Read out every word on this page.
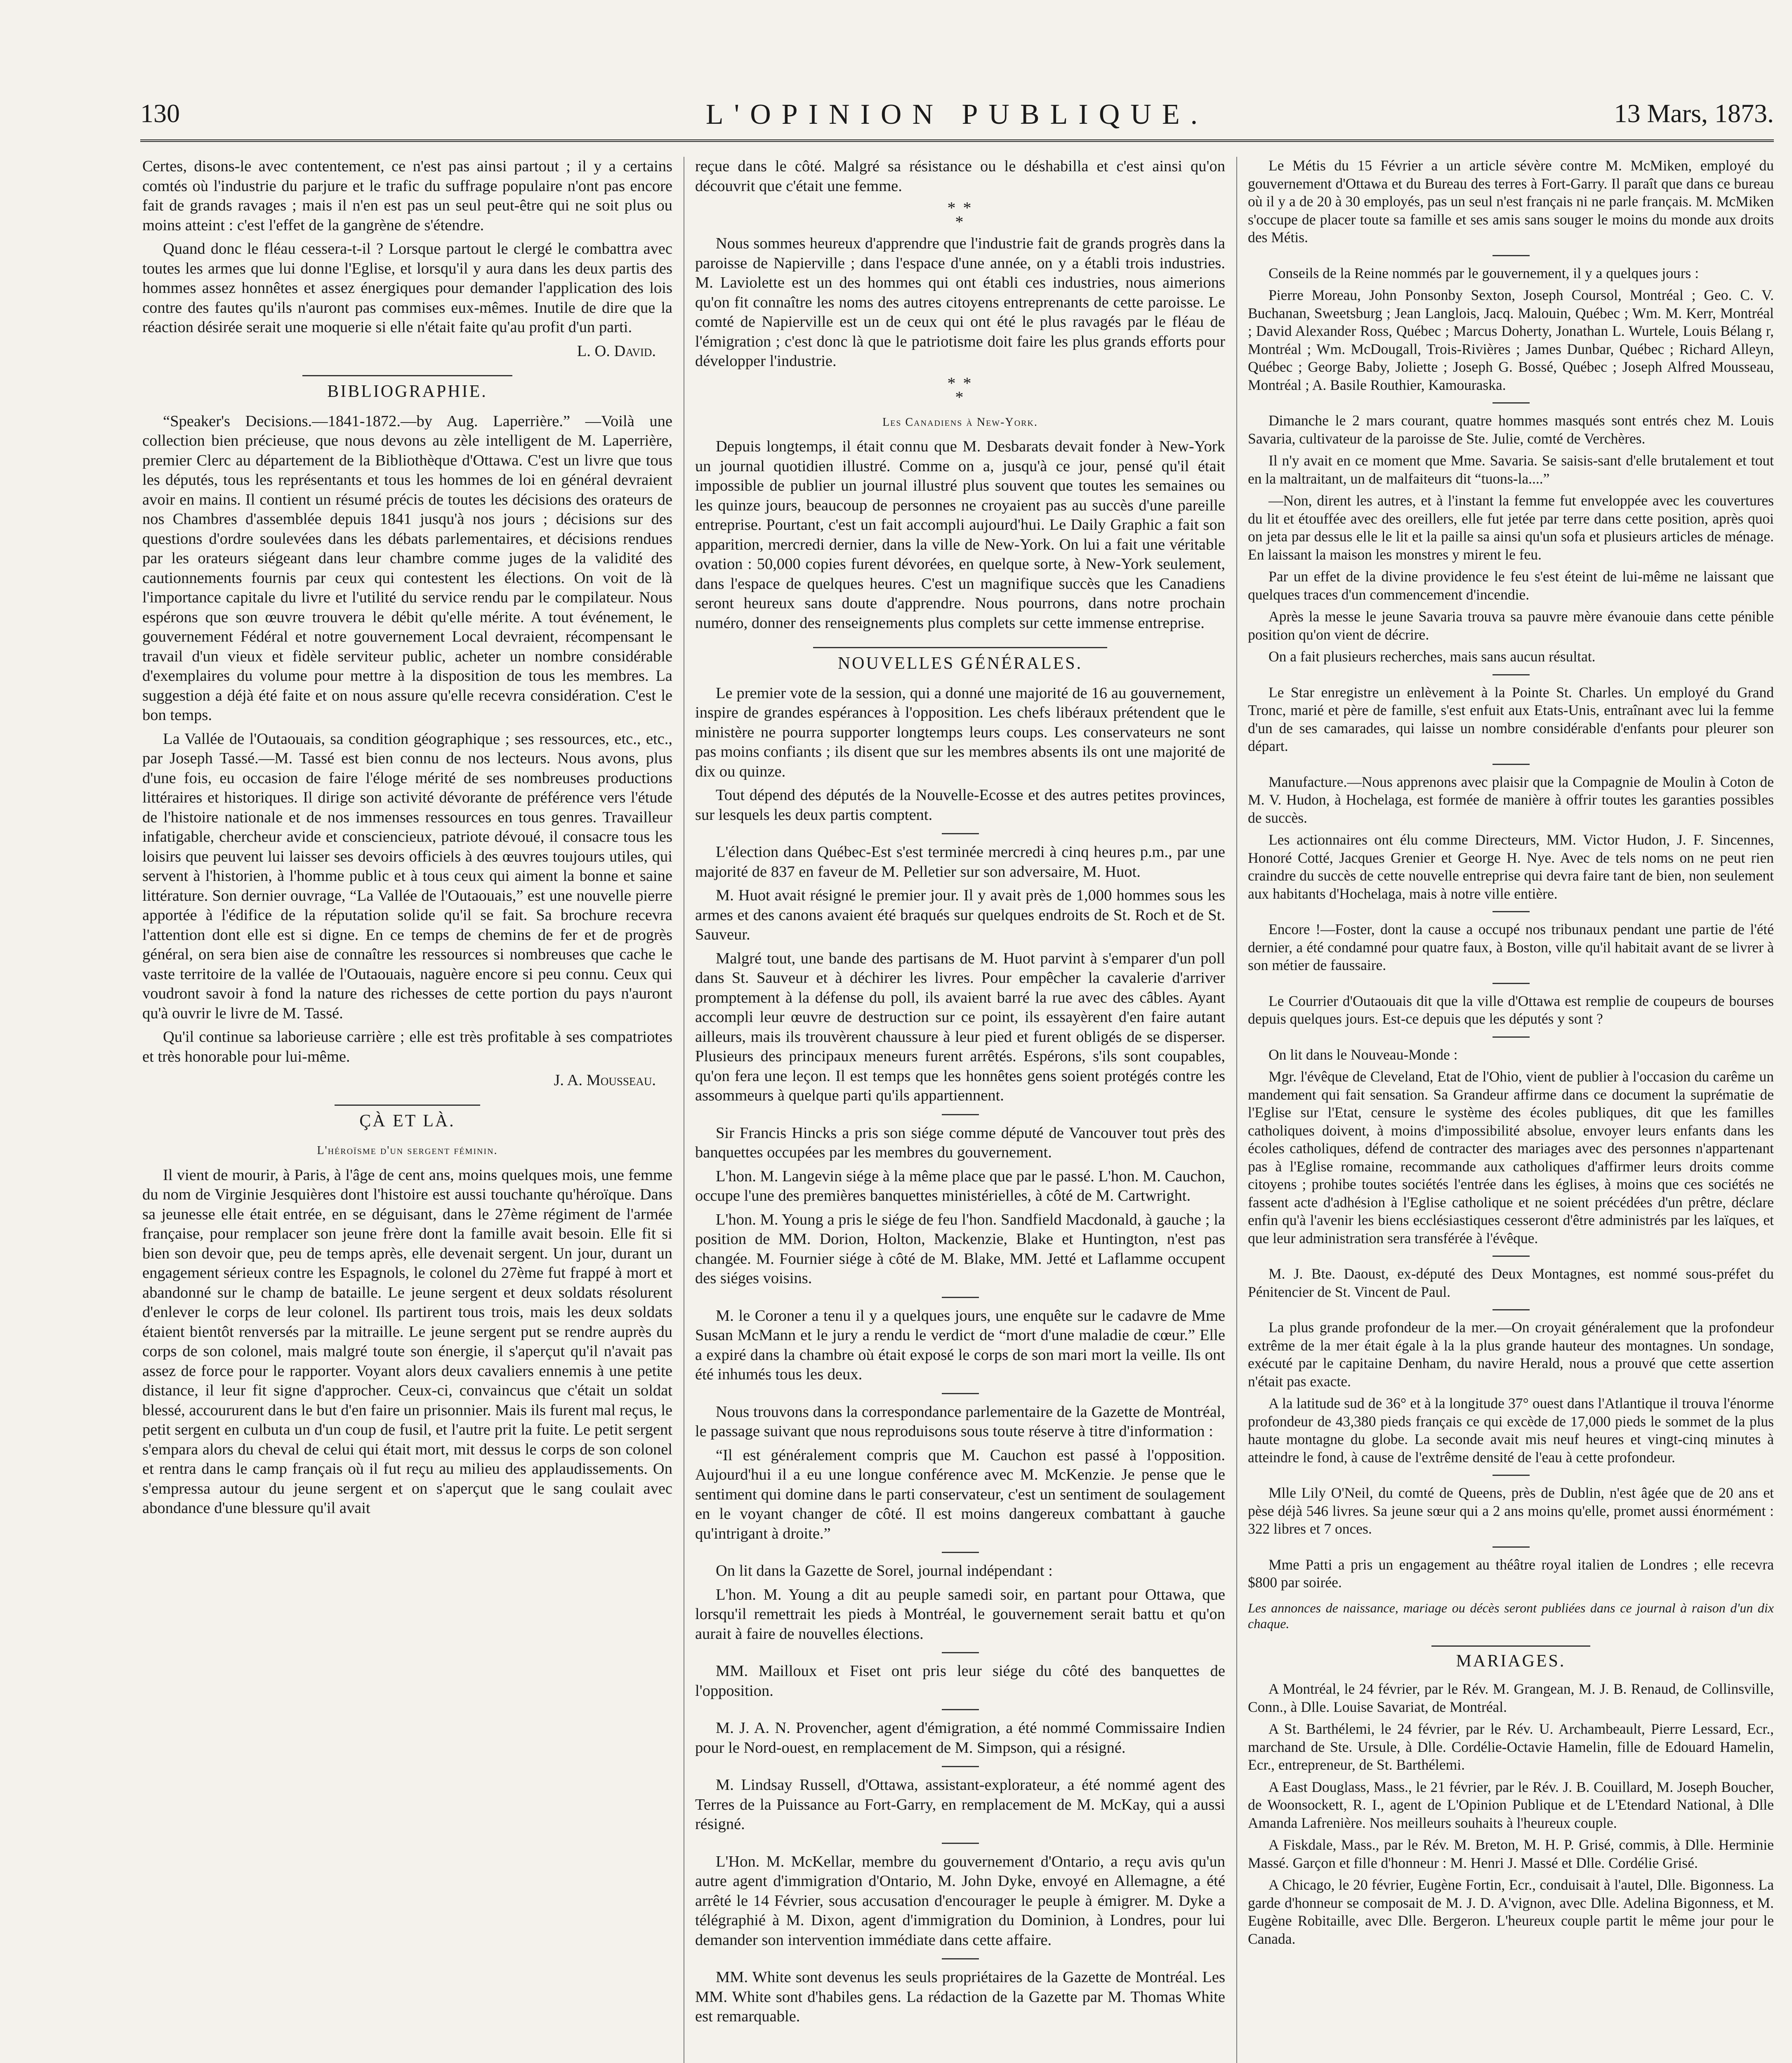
130	L'OPINION PUBLIQUE.	13 Mars, 1873.

Certes, disons-le avec contentement, ce n'est pas ainsi partout ; il y a certains comtés où l'industrie du parjure et le trafic du suffrage populaire n'ont pas encore fait de grands ravages ; mais il n'en est pas un seul peut-être qui ne soit plus ou moins atteint : c'est l'effet de la gangrène de s'étendre.

Quand donc le fléau cessera-t-il ? Lorsque partout le clergé le combattra avec toutes les armes que lui donne l'Eglise, et lorsqu'il y aura dans les deux partis des hommes assez honnêtes et assez énergiques pour demander l'application des lois contre des fautes qu'ils n'auront pas commises eux-mêmes. Inutile de dire que la réaction désirée serait une moquerie si elle n'était faite qu'au profit d'un parti.

L. O. David.

BIBLIOGRAPHIE.

“Speaker's Decisions.—1841-1872.—by Aug. Laperrière.” —Voilà une collection bien précieuse, que nous devons au zèle intelligent de M. Laperrière, premier Clerc au département de la Bibliothèque d'Ottawa. C'est un livre que tous les députés, tous les représentants et tous les hommes de loi en général devraient avoir en mains. Il contient un résumé précis de toutes les décisions des orateurs de nos Chambres d'assemblée depuis 1841 jusqu'à nos jours ; décisions sur des questions d'ordre soulevées dans les débats parlementaires, et décisions rendues par les orateurs siégeant dans leur chambre comme juges de la validité des cautionnements fournis par ceux qui contestent les élections. On voit de là l'importance capitale du livre et l'utilité du service rendu par le compilateur. Nous espérons que son œuvre trouvera le débit qu'elle mérite. A tout événement, le gouvernement Fédéral et notre gouvernement Local devraient, récompensant le travail d'un vieux et fidèle serviteur public, acheter un nombre considérable d'exemplaires du volume pour mettre à la disposition de tous les membres. La suggestion a déjà été faite et on nous assure qu'elle recevra considération. C'est le bon temps.

La Vallée de l'Outaouais, sa condition géographique ; ses ressources, etc., etc., par Joseph Tassé.—M. Tassé est bien connu de nos lecteurs. Nous avons, plus d'une fois, eu occasion de faire l'éloge mérité de ses nombreuses productions littéraires et historiques. Il dirige son activité dévorante de préférence vers l'étude de l'histoire nationale et de nos immenses ressources en tous genres. Travailleur infatigable, chercheur avide et consciencieux, patriote dévoué, il consacre tous les loisirs que peuvent lui laisser ses devoirs officiels à des œuvres toujours utiles, qui servent à l'historien, à l'homme public et à tous ceux qui aiment la bonne et saine littérature. Son dernier ouvrage, “La Vallée de l'Outaouais,” est une nouvelle pierre apportée à l'édifice de la réputation solide qu'il se fait. Sa brochure recevra l'attention dont elle est si digne. En ce temps de chemins de fer et de progrès général, on sera bien aise de connaître les ressources si nombreuses que cache le vaste territoire de la vallée de l'Outaouais, naguère encore si peu connu. Ceux qui voudront savoir à fond la nature des richesses de cette portion du pays n'auront qu'à ouvrir le livre de M. Tassé.

Qu'il continue sa laborieuse carrière ; elle est très profitable à ses compatriotes et très honorable pour lui-même.

J. A. Mousseau.

ÇÀ ET LÀ.
L'héroïsme d'un sergent féminin.

Il vient de mourir, à Paris, à l'âge de cent ans, moins quelques mois, une femme du nom de Virginie Jesquières dont l'histoire est aussi touchante qu'héroïque. Dans sa jeunesse elle était entrée, en se déguisant, dans le 27ème régiment de l'armée française, pour remplacer son jeune frère dont la famille avait besoin. Elle fit si bien son devoir que, peu de temps après, elle devenait sergent. Un jour, durant un engagement sérieux contre les Espagnols, le colonel du 27ème fut frappé à mort et abandonné sur le champ de bataille. Le jeune sergent et deux soldats résolurent d'enlever le corps de leur colonel. Ils partirent tous trois, mais les deux soldats étaient bientôt renversés par la mitraille. Le jeune sergent put se rendre auprès du corps de son colonel, mais malgré toute son énergie, il s'aperçut qu'il n'avait pas assez de force pour le rapporter. Voyant alors deux cavaliers ennemis à une petite distance, il leur fit signe d'approcher. Ceux-ci, convaincus que c'était un soldat blessé, accoururent dans le but d'en faire un prisonnier. Mais ils furent mal reçus, le petit sergent en culbuta un d'un coup de fusil, et l'autre prit la fuite. Le petit sergent s'empara alors du cheval de celui qui était mort, mit dessus le corps de son colonel et rentra dans le camp français où il fut reçu au milieu des applaudissements. On s'empressa autour du jeune sergent et on s'aperçut que le sang coulait avec abondance d'une blessure qu'il avait

reçue dans le côté. Malgré sa résistance ou le déshabilla et c'est ainsi qu'on découvrit que c'était une femme.

* *
*

Nous sommes heureux d'apprendre que l'industrie fait de grands progrès dans la paroisse de Napierville ; dans l'espace d'une année, on y a établi trois industries. M. Laviolette est un des hommes qui ont établi ces industries, nous aimerions qu'on fit connaître les noms des autres citoyens entreprenants de cette paroisse. Le comté de Napierville est un de ceux qui ont été le plus ravagés par le fléau de l'émigration ; c'est donc là que le patriotisme doit faire les plus grands efforts pour développer l'industrie.

* *
*
Les Canadiens à New-York.

Depuis longtemps, il était connu que M. Desbarats devait fonder à New-York un journal quotidien illustré. Comme on a, jusqu'à ce jour, pensé qu'il était impossible de publier un journal illustré plus souvent que toutes les semaines ou les quinze jours, beaucoup de personnes ne croyaient pas au succès d'une pareille entreprise. Pourtant, c'est un fait accompli aujourd'hui. Le Daily Graphic a fait son apparition, mercredi dernier, dans la ville de New-York. On lui a fait une véritable ovation : 50,000 copies furent dévorées, en quelque sorte, à New-York seulement, dans l'espace de quelques heures. C'est un magnifique succès que les Canadiens seront heureux sans doute d'apprendre. Nous pourrons, dans notre prochain numéro, donner des renseignements plus complets sur cette immense entreprise.

NOUVELLES GÉNÉRALES.

Le premier vote de la session, qui a donné une majorité de 16 au gouvernement, inspire de grandes espérances à l'opposition. Les chefs libéraux prétendent que le ministère ne pourra supporter longtemps leurs coups. Les conservateurs ne sont pas moins confiants ; ils disent que sur les membres absents ils ont une majorité de dix ou quinze.

Tout dépend des députés de la Nouvelle-Ecosse et des autres petites provinces, sur lesquels les deux partis comptent.

L'élection dans Québec-Est s'est terminée mercredi à cinq heures p.m., par une majorité de 837 en faveur de M. Pelletier sur son adversaire, M. Huot.

M. Huot avait résigné le premier jour. Il y avait près de 1,000 hommes sous les armes et des canons avaient été braqués sur quelques endroits de St. Roch et de St. Sauveur.

Malgré tout, une bande des partisans de M. Huot parvint à s'emparer d'un poll dans St. Sauveur et à déchirer les livres. Pour empêcher la cavalerie d'arriver promptement à la défense du poll, ils avaient barré la rue avec des câbles. Ayant accompli leur œuvre de destruction sur ce point, ils essayèrent d'en faire autant ailleurs, mais ils trouvèrent chaussure à leur pied et furent obligés de se disperser. Plusieurs des principaux meneurs furent arrêtés. Espérons, s'ils sont coupables, qu'on fera une leçon. Il est temps que les honnêtes gens soient protégés contre les assommeurs à quelque parti qu'ils appartiennent.

Sir Francis Hincks a pris son siége comme député de Vancouver tout près des banquettes occupées par les membres du gouvernement.

L'hon. M. Langevin siége à la même place que par le passé. L'hon. M. Cauchon, occupe l'une des premières banquettes ministérielles, à côté de M. Cartwright.

L'hon. M. Young a pris le siége de feu l'hon. Sandfield Macdonald, à gauche ; la position de MM. Dorion, Holton, Mackenzie, Blake et Huntington, n'est pas changée. M. Fournier siége à côté de M. Blake, MM. Jetté et Laflamme occupent des siéges voisins.

M. le Coroner a tenu il y a quelques jours, une enquête sur le cadavre de Mme Susan McMann et le jury a rendu le verdict de “mort d'une maladie de cœur.” Elle a expiré dans la chambre où était exposé le corps de son mari mort la veille. Ils ont été inhumés tous les deux.

Nous trouvons dans la correspondance parlementaire de la Gazette de Montréal, le passage suivant que nous reproduisons sous toute réserve à titre d'information :

“Il est généralement compris que M. Cauchon est passé à l'opposition. Aujourd'hui il a eu une longue conférence avec M. McKenzie. Je pense que le sentiment qui domine dans le parti conservateur, c'est un sentiment de soulagement en le voyant changer de côté. Il est moins dangereux combattant à gauche qu'intrigant à droite.”

On lit dans la Gazette de Sorel, journal indépendant :

L'hon. M. Young a dit au peuple samedi soir, en partant pour Ottawa, que lorsqu'il remettrait les pieds à Montréal, le gouvernement serait battu et qu'on aurait à faire de nouvelles élections.

MM. Mailloux et Fiset ont pris leur siége du côté des banquettes de l'opposition.

M. J. A. N. Provencher, agent d'émigration, a été nommé Commissaire Indien pour le Nord-ouest, en remplacement de M. Simpson, qui a résigné.

M. Lindsay Russell, d'Ottawa, assistant-explorateur, a été nommé agent des Terres de la Puissance au Fort-Garry, en remplacement de M. McKay, qui a aussi résigné.

L'Hon. M. McKellar, membre du gouvernement d'Ontario, a reçu avis qu'un autre agent d'immigration d'Ontario, M. John Dyke, envoyé en Allemagne, a été arrêté le 14 Février, sous accusation d'encourager le peuple à émigrer. M. Dyke a télégraphié à M. Dixon, agent d'immigration du Dominion, à Londres, pour lui demander son intervention immédiate dans cette affaire.

MM. White sont devenus les seuls propriétaires de la Gazette de Montréal. Les MM. White sont d'habiles gens. La rédaction de la Gazette par M. Thomas White est remarquable.

Le Métis du 15 Février a un article sévère contre M. McMiken, employé du gouvernement d'Ottawa et du Bureau des terres à Fort-Garry. Il paraît que dans ce bureau où il y a de 20 à 30 employés, pas un seul n'est français ni ne parle français. M. McMiken s'occupe de placer toute sa famille et ses amis sans souger le moins du monde aux droits des Métis.

Conseils de la Reine nommés par le gouvernement, il y a quelques jours :

Pierre Moreau, John Ponsonby Sexton, Joseph Coursol, Montréal ; Geo. C. V. Buchanan, Sweetsburg ; Jean Langlois, Jacq. Malouin, Québec ; Wm. M. Kerr, Montréal ; David Alexander Ross, Québec ; Marcus Doherty, Jonathan L. Wurtele, Louis Bélang r, Montréal ; Wm. McDougall, Trois-Rivières ; James Dunbar, Québec ; Richard Alleyn, Québec ; George Baby, Joliette ; Joseph G. Bossé, Québec ; Joseph Alfred Mousseau, Montréal ; A. Basile Routhier, Kamouraska.

Dimanche le 2 mars courant, quatre hommes masqués sont entrés chez M. Louis Savaria, cultivateur de la paroisse de Ste. Julie, comté de Verchères.

Il n'y avait en ce moment que Mme. Savaria. Se saisis-sant d'elle brutalement et tout en la maltraitant, un de malfaiteurs dit “tuons-la....”

—Non, dirent les autres, et à l'instant la femme fut enveloppée avec les couvertures du lit et étouffée avec des oreillers, elle fut jetée par terre dans cette position, après quoi on jeta par dessus elle le lit et la paille sa ainsi qu'un sofa et plusieurs articles de ménage. En laissant la maison les monstres y mirent le feu.

Par un effet de la divine providence le feu s'est éteint de lui-même ne laissant que quelques traces d'un commencement d'incendie.

Après la messe le jeune Savaria trouva sa pauvre mère évanouie dans cette pénible position qu'on vient de décrire.

On a fait plusieurs recherches, mais sans aucun résultat.

Le Star enregistre un enlèvement à la Pointe St. Charles. Un employé du Grand Tronc, marié et père de famille, s'est enfuit aux Etats-Unis, entraînant avec lui la femme d'un de ses camarades, qui laisse un nombre considérable d'enfants pour pleurer son départ.

Manufacture.—Nous apprenons avec plaisir que la Compagnie de Moulin à Coton de M. V. Hudon, à Hochelaga, est formée de manière à offrir toutes les garanties possibles de succès.

Les actionnaires ont élu comme Directeurs, MM. Victor Hudon, J. F. Sincennes, Honoré Cotté, Jacques Grenier et George H. Nye. Avec de tels noms on ne peut rien craindre du succès de cette nouvelle entreprise qui devra faire tant de bien, non seulement aux habitants d'Hochelaga, mais à notre ville entière.

Encore !—Foster, dont la cause a occupé nos tribunaux pendant une partie de l'été dernier, a été condamné pour quatre faux, à Boston, ville qu'il habitait avant de se livrer à son métier de faussaire.

Le Courrier d'Outaouais dit que la ville d'Ottawa est remplie de coupeurs de bourses depuis quelques jours. Est-ce depuis que les députés y sont ?

On lit dans le Nouveau-Monde :

Mgr. l'évêque de Cleveland, Etat de l'Ohio, vient de publier à l'occasion du carême un mandement qui fait sensation. Sa Grandeur affirme dans ce document la suprématie de l'Eglise sur l'Etat, censure le système des écoles publiques, dit que les familles catholiques doivent, à moins d'impossibilité absolue, envoyer leurs enfants dans les écoles catholiques, défend de contracter des mariages avec des personnes n'appartenant pas à l'Eglise romaine, recommande aux catholiques d'affirmer leurs droits comme citoyens ; prohibe toutes sociétés l'entrée dans les églises, à moins que ces sociétés ne fassent acte d'adhésion à l'Eglise catholique et ne soient précédées d'un prêtre, déclare enfin qu'à l'avenir les biens ecclésiastiques cesseront d'être administrés par les laïques, et que leur administration sera transférée à l'évêque.

M. J. Bte. Daoust, ex-député des Deux Montagnes, est nommé sous-préfet du Pénitencier de St. Vincent de Paul.

La plus grande profondeur de la mer.—On croyait généralement que la profondeur extrême de la mer était égale à la la plus grande hauteur des montagnes. Un sondage, exécuté par le capitaine Denham, du navire Herald, nous a prouvé que cette assertion n'était pas exacte.

A la latitude sud de 36° et à la longitude 37° ouest dans l'Atlantique il trouva l'énorme profondeur de 43,380 pieds français ce qui excède de 17,000 pieds le sommet de la plus haute montagne du globe. La seconde avait mis neuf heures et vingt-cinq minutes à atteindre le fond, à cause de l'extrême densité de l'eau à cette profondeur.

Mlle Lily O'Neil, du comté de Queens, près de Dublin, n'est âgée que de 20 ans et pèse déjà 546 livres. Sa jeune sœur qui a 2 ans moins qu'elle, promet aussi énormément : 322 libres et 7 onces.

Mme Patti a pris un engagement au théâtre royal italien de Londres ; elle recevra $800 par soirée.

Les annonces de naissance, mariage ou décès seront publiées dans ce journal à raison d'un dix chaque.

MARIAGES.

A Montréal, le 24 février, par le Rév. M. Grangean, M. J. B. Renaud, de Collinsville, Conn., à Dlle. Louise Savariat, de Montréal.

A St. Barthélemi, le 24 février, par le Rév. U. Archambeault, Pierre Lessard, Ecr., marchand de Ste. Ursule, à Dlle. Cordélie-Octavie Hamelin, fille de Edouard Hamelin, Ecr., entrepreneur, de St. Barthélemi.

A East Douglass, Mass., le 21 février, par le Rév. J. B. Couillard, M. Joseph Boucher, de Woonsockett, R. I., agent de L'Opinion Publique et de L'Etendard National, à Dlle Amanda Lafrenière. Nos meilleurs souhaits à l'heureux couple.

A Fiskdale, Mass., par le Rév. M. Breton, M. H. P. Grisé, commis, à Dlle. Herminie Massé. Garçon et fille d'honneur : M. Henri J. Massé et Dlle. Cordélie Grisé.

A Chicago, le 20 février, Eugène Fortin, Ecr., conduisait à l'autel, Dlle. Bigonness. La garde d'honneur se composait de M. J. D. A'vignon, avec Dlle. Adelina Bigonness, et M. Eugène Robitaille, avec Dlle. Bergeron. L'heureux couple partit le même jour pour le Canada.
